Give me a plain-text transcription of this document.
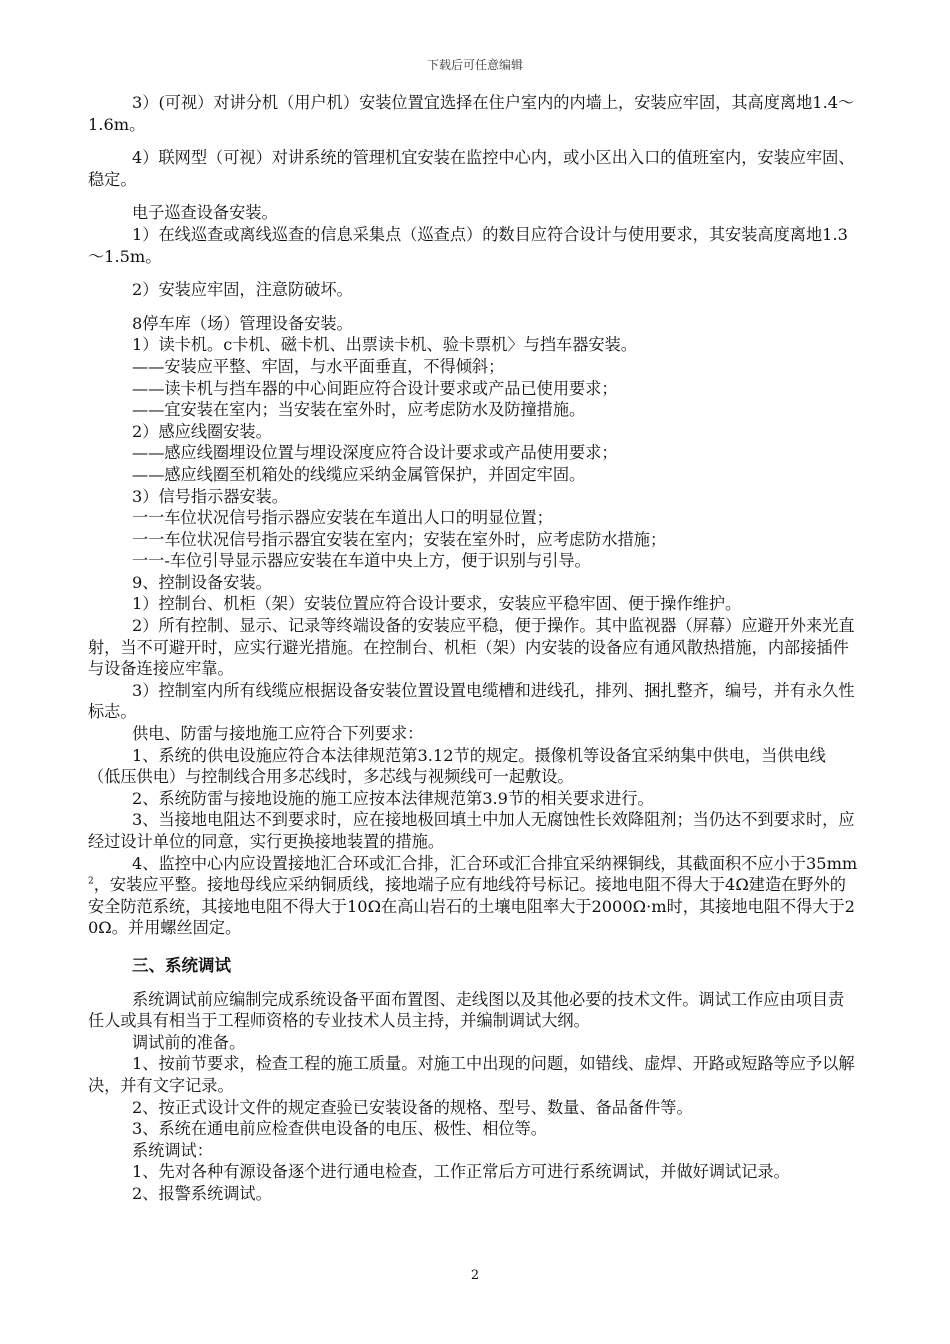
下载后可任意编辑

3）(可视）对讲分机（用户机）安装位置宜选择在住户室内的内墙上，安装应牢固，其高度离地1.4～1.6m。

4）联网型（可视）对讲系统的管理机宜安装在监控中心内，或小区出入口的值班室内，安装应牢固、稳定。

电子巡查设备安装。

1）在线巡查或离线巡查的信息采集点（巡查点）的数目应符合设计与使用要求，其安装高度离地1.3～1.5m。

2）安装应牢固，注意防破坏。

8停车库（场）管理设备安装。

1）读卡机。c卡机、磁卡机、出票读卡机、验卡票机〉与挡车器安装。

——安装应平整、牢固，与水平面垂直，不得倾斜；

——读卡机与挡车器的中心间距应符合设计要求或产品已使用要求；

——宜安装在室内；当安装在室外时，应考虑防水及防撞措施。

2）感应线圈安装。

——感应线圈埋设位置与埋设深度应符合设计要求或产品使用要求；

——感应线圈至机箱处的线缆应采纳金属管保护，并固定牢固。

3）信号指示器安装。

一一车位状况信号指示器应安装在车道出人口的明显位置；

一一车位状况信号指示器宜安装在室内；安装在室外时，应考虑防水措施；

一一-车位引导显示器应安装在车道中央上方，便于识别与引导。

9、控制设备安装。

1）控制台、机柜（架）安装位置应符合设计要求，安装应平稳牢固、便于操作维护。

2）所有控制、显示、记录等终端设备的安装应平稳，便于操作。其中监视器（屏幕）应避开外来光直射，当不可避开时，应实行避光措施。在控制台、机柜（架）内安装的设备应有通风散热措施，内部接插件与设备连接应牢靠。

3）控制室内所有线缆应根据设备安装位置设置电缆槽和进线孔，排列、捆扎整齐，编号，并有永久性标志。

供电、防雷与接地施工应符合下列要求：

1、系统的供电设施应符合本法律规范第3.12节的规定。摄像机等设备宜采纳集中供电，当供电线（低压供电）与控制线合用多芯线时，多芯线与视频线可一起敷设。

2、系统防雷与接地设施的施工应按本法律规范第3.9节的相关要求进行。

3、当接地电阻达不到要求时，应在接地极回填土中加人无腐蚀性长效降阻剂；当仍达不到要求时，应经过设计单位的同意，实行更换接地装置的措施。

4、监控中心内应设置接地汇合环或汇合排，汇合环或汇合排宜采纳裸铜线，其截面积不应小于$35mm^2$，安装应平整。接地母线应采纳铜质线，接地端子应有地线符号标记。接地电阻不得大于4Ω建造在野外的安全防范系统，其接地电阻不得大于10Ω在高山岩石的土壤电阻率大于2000Ω·m时，其接地电阻不得大于20Ω。并用螺丝固定。

三、系统调试

系统调试前应编制完成系统设备平面布置图、走线图以及其他必要的技术文件。调试工作应由项目责任人或具有相当于工程师资格的专业技术人员主持，并编制调试大纲。

调试前的准备。

1、按前节要求，检查工程的施工质量。对施工中出现的问题，如错线、虚焊、开路或短路等应予以解决，并有文字记录。

2、按正式设计文件的规定查验已安装设备的规格、型号、数量、备品备件等。

3、系统在通电前应检查供电设备的电压、极性、相位等。

系统调试：

1、先对各种有源设备逐个进行通电检查，工作正常后方可进行系统调试，并做好调试记录。

2、报警系统调试。

2
